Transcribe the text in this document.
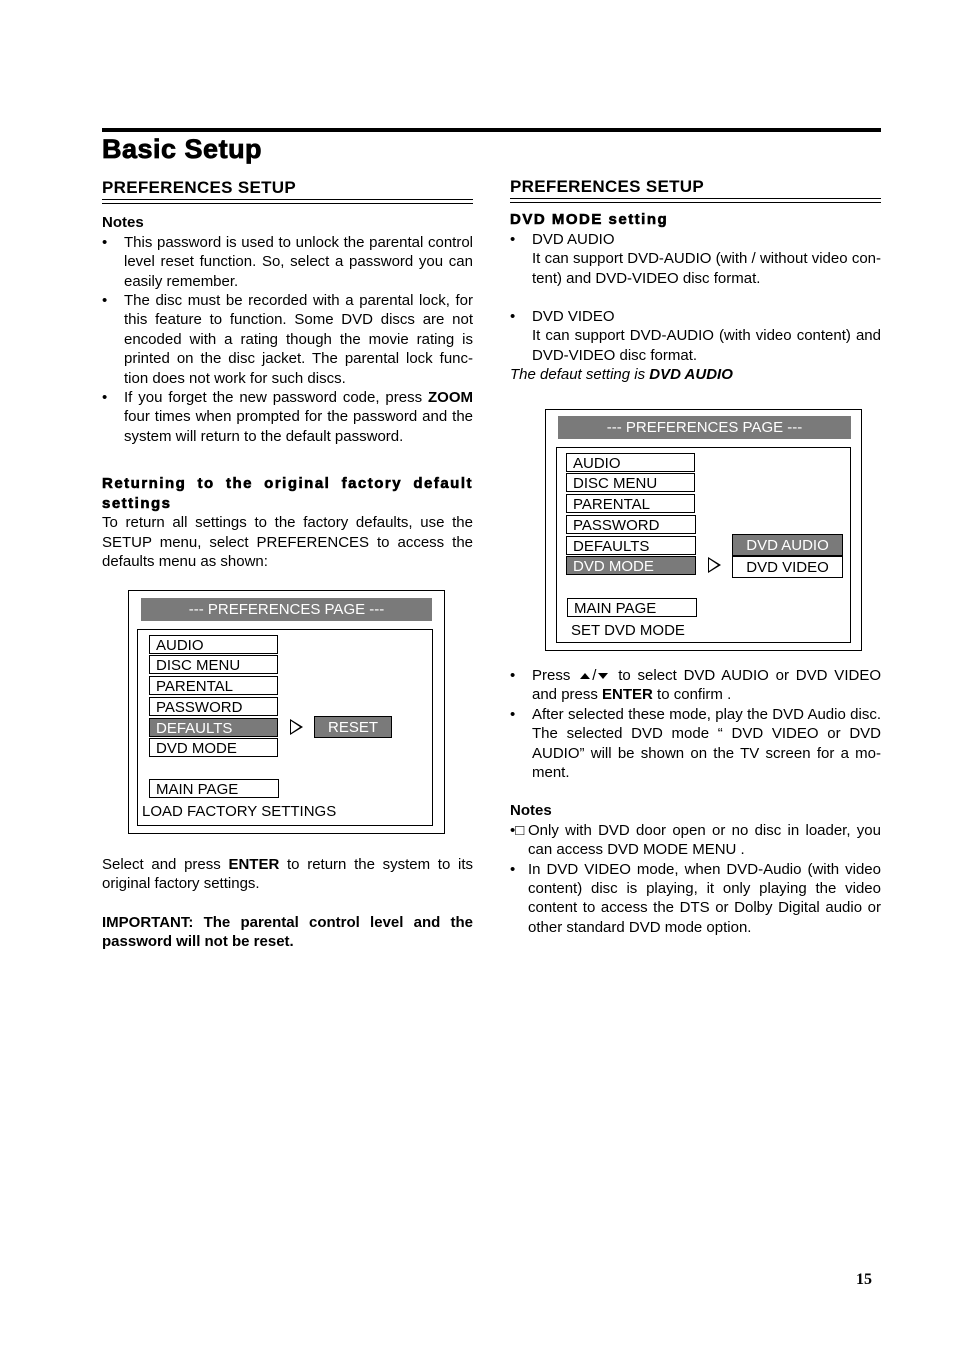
Basic Setup
PREFERENCES SETUP
Notes
• This password is used to unlock the parental control level reset function. So, select a password you can easily remember.
• The disc must be recorded with a parental lock, for this feature to function. Some DVD discs are not encoded with a rating though the movie rating is printed on the disc jacket. The parental lock func-tion does not work for such discs.
• If you forget the new password code, press ZOOM four times when prompted for the password and the system will return to the default password.
Returning to the original factory default settings
To return all settings to the factory defaults, use the SETUP menu, select PREFERENCES to access the defaults menu as shown:
--- PREFERENCES PAGE ---
AUDIO
DISC MENU
PARENTAL
PASSWORD
DEFAULTS
DVD MODE
RESET
MAIN PAGE
LOAD FACTORY SETTINGS
Select and press ENTER to return the system to its original factory settings.
IMPORTANT: The parental control level and the password will not be reset.
PREFERENCES SETUP
DVD MODE setting
• DVD AUDIO
It can support DVD-AUDIO (with / without video con-tent) and DVD-VIDEO disc format.
• DVD VIDEO
It can support DVD-AUDIO (with video content) and DVD-VIDEO disc format.
The defaut setting is DVD AUDIO
--- PREFERENCES PAGE ---
AUDIO
DISC MENU
PARENTAL
PASSWORD
DEFAULTS
DVD MODE
DVD AUDIO
DVD VIDEO
MAIN PAGE
SET DVD MODE
• Press / to select DVD AUDIO or DVD VIDEO and press ENTER to confirm .
• After selected these mode, play the DVD Audio disc. The selected DVD mode “ DVD VIDEO or DVD AUDIO” will be shown on the TV screen for a mo-ment.
Notes
•□ Only with DVD door open or no disc in loader, you can access DVD MODE MENU .
• In DVD VIDEO mode, when DVD-Audio (with video content) disc is playing, it only playing the video content to access the DTS or Dolby Digital audio or other standard DVD mode option.
15
